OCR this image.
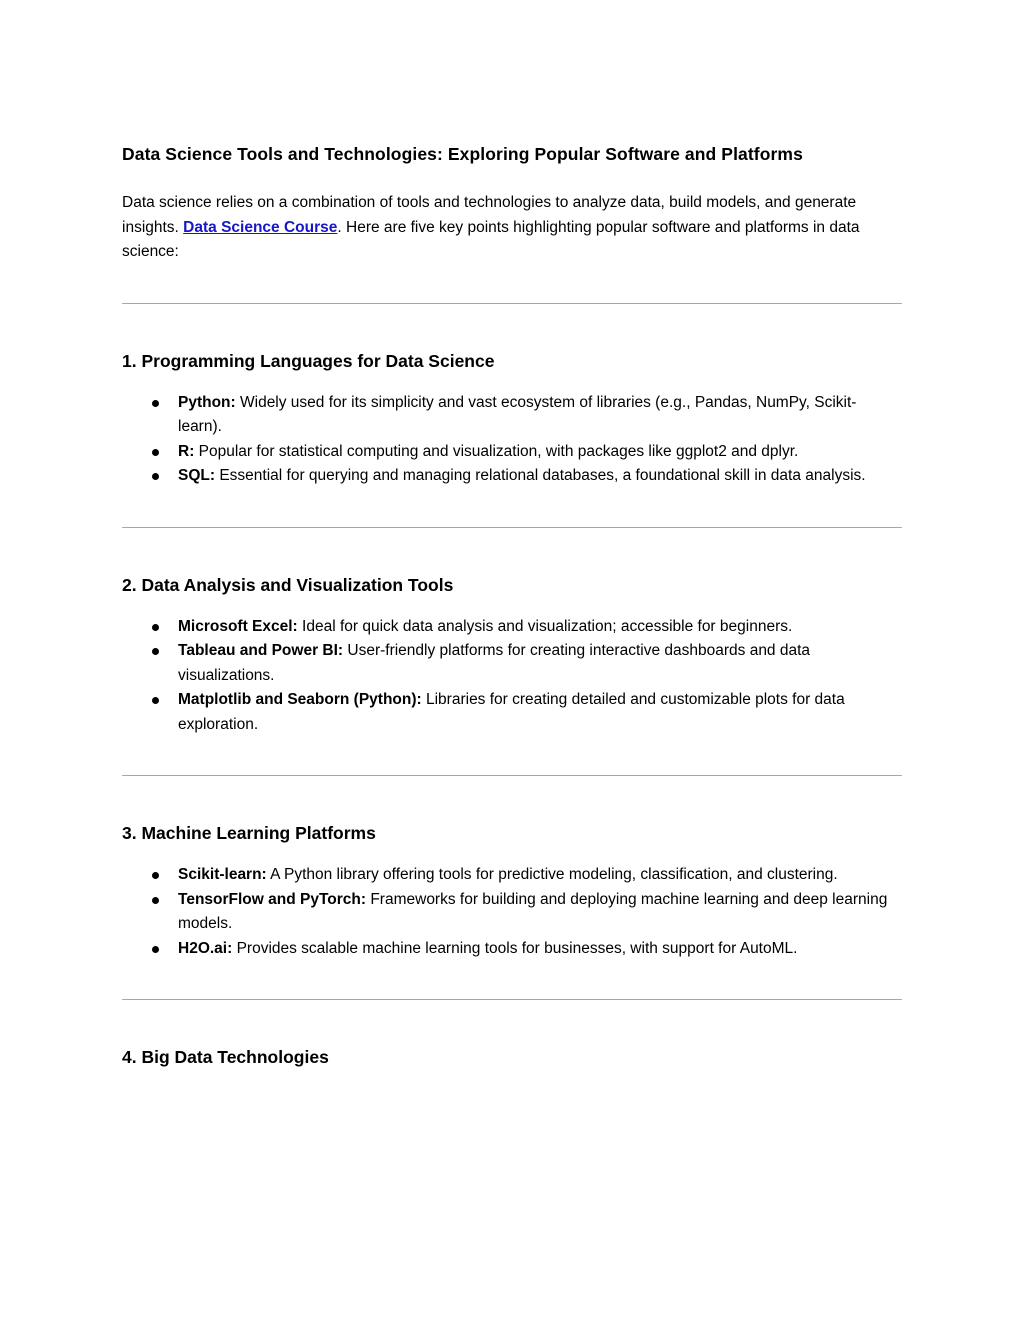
Data Science Tools and Technologies: Exploring Popular Software and Platforms

Data science relies on a combination of tools and technologies to analyze data, build models, and generate insights. Data Science Course. Here are five key points highlighting popular software and platforms in data science:

1. Programming Languages for Data Science
Python: Widely used for its simplicity and vast ecosystem of libraries (e.g., Pandas, NumPy, Scikit-learn).
R: Popular for statistical computing and visualization, with packages like ggplot2 and dplyr.
SQL: Essential for querying and managing relational databases, a foundational skill in data analysis.
2. Data Analysis and Visualization Tools
Microsoft Excel: Ideal for quick data analysis and visualization; accessible for beginners.
Tableau and Power BI: User-friendly platforms for creating interactive dashboards and data visualizations.
Matplotlib and Seaborn (Python): Libraries for creating detailed and customizable plots for data exploration.
3. Machine Learning Platforms
Scikit-learn: A Python library offering tools for predictive modeling, classification, and clustering.
TensorFlow and PyTorch: Frameworks for building and deploying machine learning and deep learning models.
H2O.ai: Provides scalable machine learning tools for businesses, with support for AutoML.
4. Big Data Technologies
